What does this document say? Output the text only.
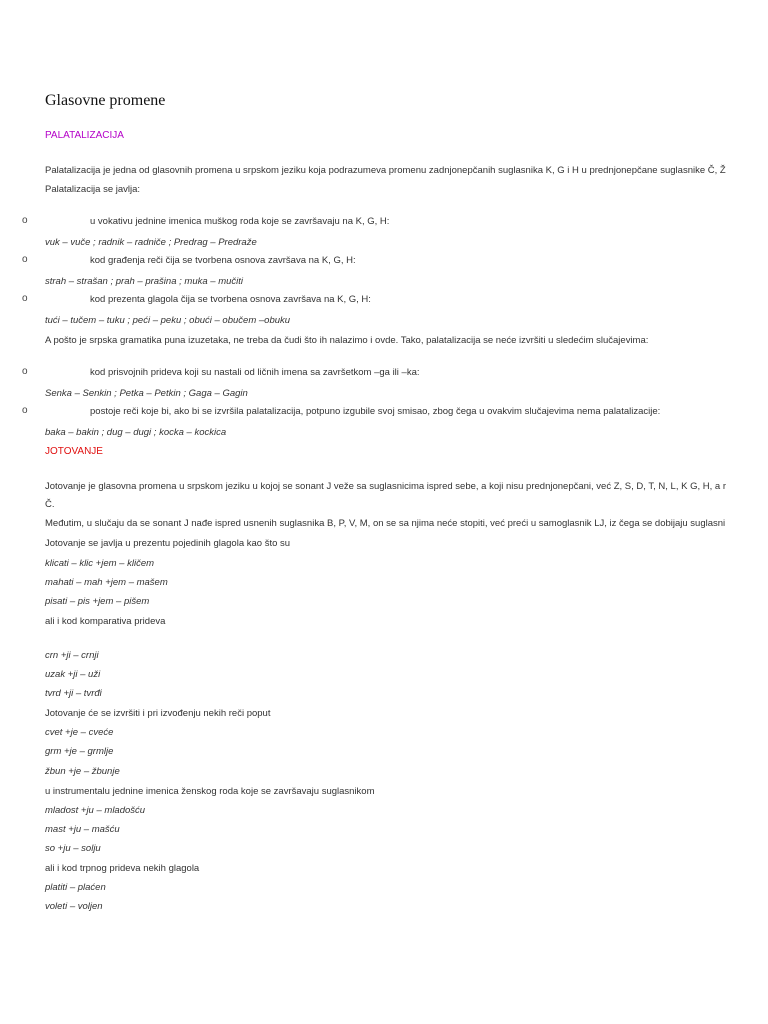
Glasovne promene
PALATALIZACIJA
Palatalizacija je jedna od glasovnih promena u srpskom jeziku koja podrazumeva promenu zadnjonepčanih suglasnika K, G i H u prednjonepčane suglasnike Č, Ž
Palatalizacija se javlja:
o	u vokativu jednine imenica muškog roda koje se završavaju na K, G, H:
vuk – vuče ; radnik – radniče ; Predrag – Predraže
o	kod građenja reči čija se tvorbena osnova završava na K, G, H:
strah – strašan ; prah – prašina ; muka – mučiti
o	kod prezenta glagola čija se tvorbena osnova završava na K, G, H:
tući – tučem – tuku ; peći – peku ; obući – obučem –obuku
A pošto je srpska gramatika puna izuzetaka, ne treba da čudi što ih nalazimo i ovde. Tako, palatalizacija se neće izvršiti u sledećim slučajevima:
o	kod prisvojnih prideva koji su nastali od ličnih imena sa završetkom –ga ili –ka:
Senka – Senkin ; Petka – Petkin ; Gaga – Gagin
o	postoje reči koje bi, ako bi se izvršila palatalizacija, potpuno izgubile svoj smisao, zbog čega u ovakvim slučajevima nema palatalizacije:
baka – bakin ; dug – dugi ; kocka – kockica
JOTOVANJE
Jotovanje je glasovna promena u srpskom jeziku u kojoj se sonant J veže sa suglasnicima ispred sebe, a koji nisu prednjonepčani, već Z, S, D, T, N, L, K G, H, a r
Č.
Međutim, u slučaju da se sonant J nađe ispred usnenih suglasnika B, P, V, M, on se sa njima neće stopiti, već preći u samoglasnik LJ, iz čega se dobijaju suglasni
Jotovanje se javlja u prezentu pojedinih glagola kao što su
klicati – klic +jem – kličem
mahati – mah +jem – mašem
pisati – pis +jem – pišem
ali i kod komparativa prideva
crn +ji – crnji
uzak +ji – uži
tvrd +ji – tvrđi
Jotovanje će se izvršiti i pri izvođenju nekih reči poput
cvet +je – cveće
grm +je – grmlje
žbun +je – žbunje
u instrumentalu jednine imenica ženskog roda koje se završavaju suglasnikom
mladost +ju – mladošću
mast +ju – mašću
so +ju – solju
ali i kod trpnog prideva nekih glagola
platiti – plaćen
voleti – voljen
